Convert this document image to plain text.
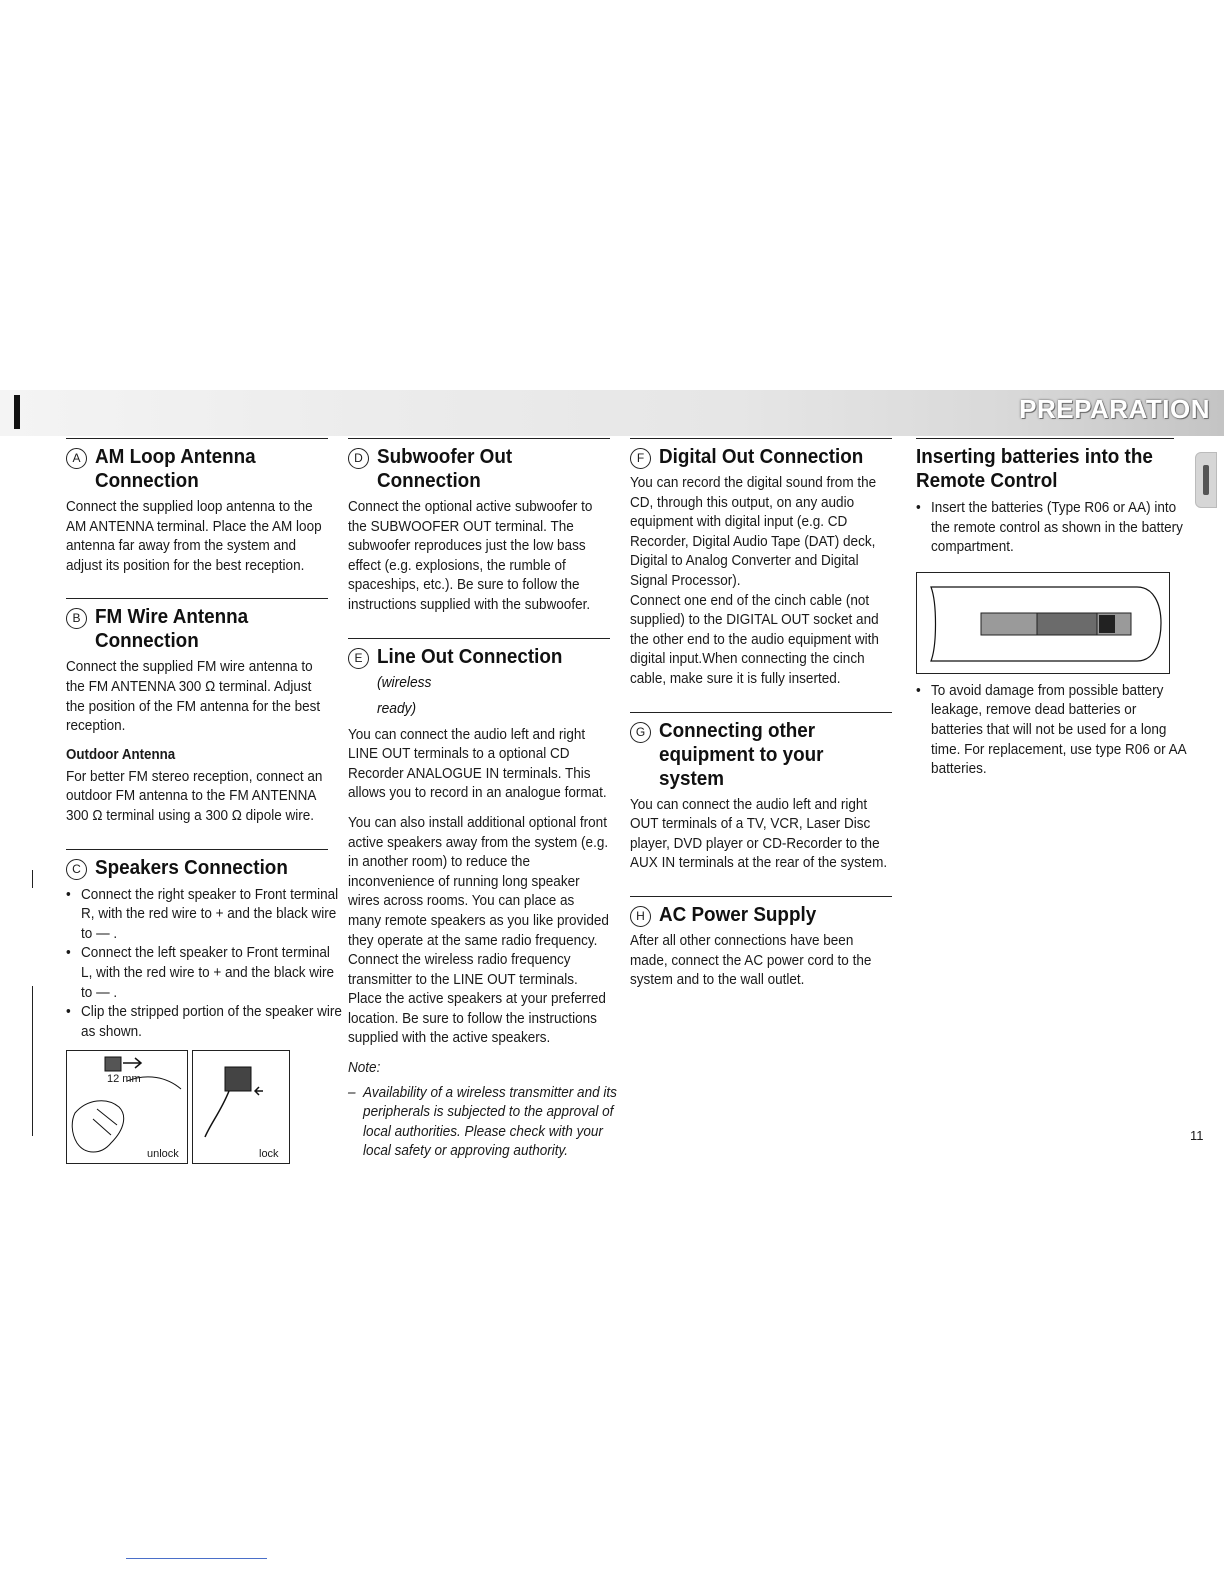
PREPARATION
A AM Loop Antenna
Connection

Connect the supplied loop antenna to the AM ANTENNA terminal. Place the AM loop antenna far away from the system and adjust its position for the best reception.

B FM Wire Antenna
Connection

Connect the supplied FM wire antenna to the FM ANTENNA 300 Ω terminal. Adjust the position of the FM antenna for the best reception.

Outdoor Antenna

For better FM stereo reception, connect an outdoor FM antenna to the FM ANTENNA 300 Ω terminal using a 300 Ω dipole wire.

C Speakers Connection
• Connect the right speaker to Front terminal R, with the red wire to + and the black wire to — .
• Connect the left speaker to Front terminal L, with the red wire to + and the black wire to — .
• Clip the stripped portion of the speaker wire as shown.
12 mm
unlock	lock
D Subwoofer Out Connection

Connect the optional active subwoofer to the SUBWOOFER OUT terminal. The subwoofer reproduces just the low bass effect (e.g. explosions, the rumble of spaceships, etc.). Be sure to follow the instructions supplied with the subwoofer.

E Line Out Connection (wireless
ready)

You can connect the audio left and right LINE OUT terminals to a optional CD Recorder ANALOGUE IN terminals. This allows you to record in an analogue format.

You can also install additional optional front active speakers away from the system (e.g. in another room) to reduce the inconvenience of running long speaker wires across rooms. You can place as many remote speakers as you like provided they operate at the same radio frequency. Connect the wireless radio frequency transmitter to the LINE OUT terminals. Place the active speakers at your preferred location. Be sure to follow the instructions supplied with the active speakers.

Note:

– Availability of a wireless transmitter and its peripherals is subjected to the approval of local authorities. Please check with your local safety or approving authority.

F Digital Out Connection

You can record the digital sound from the CD, through this output, on any audio equipment with digital input (e.g. CD Recorder, Digital Audio Tape (DAT) deck, Digital to Analog Converter and Digital Signal Processor).

Connect one end of the cinch cable (not supplied) to the DIGITAL OUT socket and the other end to the audio equipment with digital input.When connecting the cinch cable, make sure it is fully inserted.

G Connecting other
equipment to your system

You can connect the audio left and right OUT terminals of a TV, VCR, Laser Disc player, DVD player or CD-Recorder to the AUX IN terminals at the rear of the system.

H AC Power Supply

After all other connections have been made, connect the AC power cord to the system and to the wall outlet.

Inserting batteries into the
Remote Control
• Insert the batteries (Type R06 or AA) into the remote control as shown in the battery compartment.
• To avoid damage from possible battery leakage, remove dead batteries or batteries that will not be used for a long time. For replacement, use type R06 or AA batteries.
11
